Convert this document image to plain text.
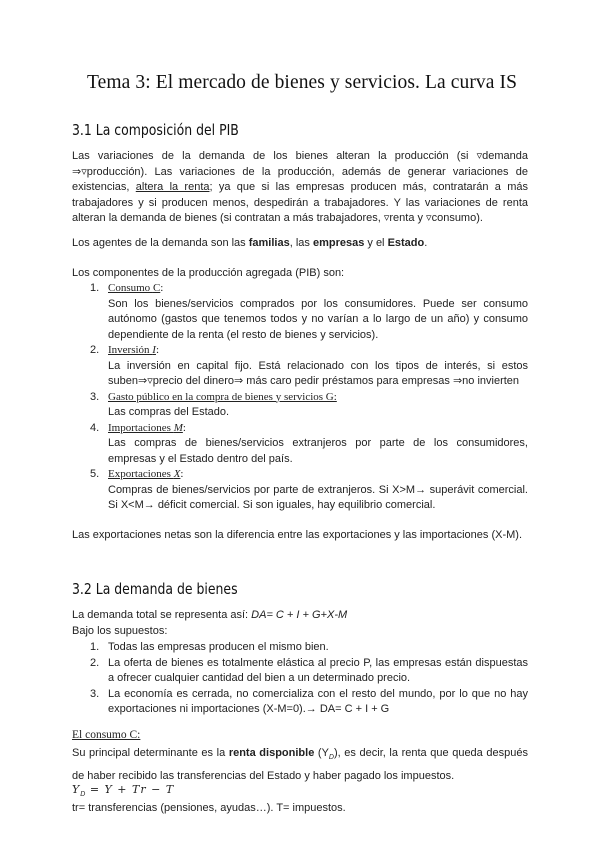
Tema 3: El mercado de bienes y servicios. La curva IS
3.1 La composición del PIB
Las variaciones de la demanda de los bienes alteran la producción (si ▿demanda ⇒▿producción). Las variaciones de la producción, además de generar variaciones de existencias, altera la renta; ya que si las empresas producen más, contratarán a más trabajadores y si producen menos, despedirán a trabajadores. Y las variaciones de renta alteran la demanda de bienes (si contratan a más trabajadores, ▿renta y ▿consumo).
Los agentes de la demanda son las familias, las empresas y el Estado.
Los componentes de la producción agregada (PIB) son:
1. Consumo C:
Son los bienes/servicios comprados por los consumidores. Puede ser consumo autónomo (gastos que tenemos todos y no varían a lo largo de un año) y consumo dependiente de la renta (el resto de bienes y servicios).
2. Inversión I:
La inversión en capital fijo. Está relacionado con los tipos de interés, si estos suben⇒▿precio del dinero⇒ más caro pedir préstamos para empresas ⇒no invierten
3. Gasto público en la compra de bienes y servicios G:
Las compras del Estado.
4. Importaciones M:
Las compras de bienes/servicios extranjeros por parte de los consumidores, empresas y el Estado dentro del país.
5. Exportaciones X:
Compras de bienes/servicios por parte de extranjeros. Si X>M→ superávit comercial. Si X<M→ déficit comercial. Si son iguales, hay equilibrio comercial.
Las exportaciones netas son la diferencia entre las exportaciones y las importaciones (X-M).
3.2 La demanda de bienes
La demanda total se representa así: DA= C + I + G+X-M
Bajo los supuestos:
1. Todas las empresas producen el mismo bien.
2. La oferta de bienes es totalmente elástica al precio P, las empresas están dispuestas a ofrecer cualquier cantidad del bien a un determinado precio.
3. La economía es cerrada, no comercializa con el resto del mundo, por lo que no hay exportaciones ni importaciones (X-M=0).→ DA= C + I + G
El consumo C:
Su principal determinante es la renta disponible $(Y_D)$, es decir, la renta que queda después de haber recibido las transferencias del Estado y haber pagado los impuestos.
$Y_D = Y + Tr - T$
tr= transferencias (pensiones, ayudas…). T= impuestos.
